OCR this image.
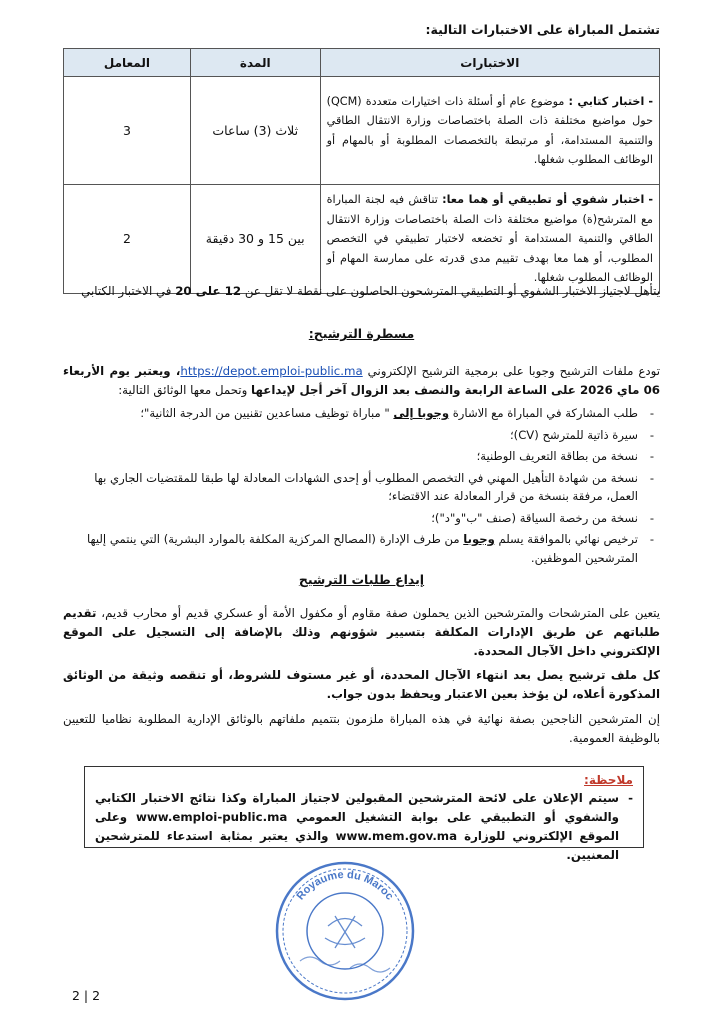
تشتمل المباراة على الاختبارات التالية:
الاختبارات	المدة	المعامل
-اختبار كتابي : موضوع عام أو أسئلة ذات اختيارات متعددة (QCM) حول مواضيع مختلفة ذات الصلة باختصاصات وزارة الانتقال الطاقي والتنمية المستدامة، أو مرتبطة بالتخصصات المطلوبة أو بالمهام أو الوظائف المطلوب شغلها.	ثلاث (3) ساعات	3
-اختبار شفوي أو تطبيقي أو هما معا: تناقش فيه لجنة المباراة مع المترشح(ة) مواضيع مختلفة ذات الصلة باختصاصات وزارة الانتقال الطاقي والتنمية المستدامة أو تخضعه لاختبار تطبيقي في التخصص المطلوب، أو هما معا بهدف تقييم مدى قدرته على ممارسة المهام أو الوظائف المطلوب شغلها.	بين 15 و 30 دقيقة	2
يتأهل لاجتياز الاختبار الشفوي أو التطبيقي المترشحون الحاصلون على نقطة لا تقل عن 12 على 20 في الاختبار الكتابي
مسطرة الترشيح:
تودع ملفات الترشيح وجوبا على برمجية الترشيح الإلكتروني https://depot.emploi-public.ma، ويعتبر يوم الأربعاء 06 ماي 2026 على الساعة الرابعة والنصف بعد الزوال آخر أجل لإيداعها وتحمل معها الوثائق التالية:
- طلب المشاركة في المباراة مع الاشارة وجوبا إلى " مباراة توظيف مساعدين تقنيين من الدرجة الثانية"؛
- سيرة ذاتية للمترشح (CV)؛
- نسخة من بطاقة التعريف الوطنية؛
- نسخة من شهادة التأهيل المهني في التخصص المطلوب أو إحدى الشهادات المعادلة لها طبقا للمقتضيات الجاري بها العمل، مرفقة بنسخة من قرار المعادلة عند الاقتضاء؛
- نسخة من رخصة السياقة (صنف "ب"و"د")؛
- ترخيص نهائي بالموافقة يسلم وجوبا من طرف الإدارة (المصالح المركزية المكلفة بالموارد البشرية) التي ينتمي إليها المترشحين الموظفين.
إيداع طلبات الترشيح
يتعين على المترشحات والمترشحين الذين يحملون صفة مقاوم أو مكفول الأمة أو عسكري قديم أو محارب قديم، تقديم طلباتهم عن طريق الإدارات المكلفة بتسيير شؤونهم وذلك بالإضافة إلى التسجيل على الموقع الإلكتروني داخل الآجال المحددة.
كل ملف ترشيح يصل بعد انتهاء الآجال المحددة، أو غير مستوف للشروط، أو تنقصه وثيقة من الوثائق المذكورة أعلاه، لن يؤخذ بعين الاعتبار ويحفظ بدون جواب.
إن المترشحين الناجحين بصفة نهائية في هذه المباراة ملزمون بتتميم ملفاتهم بالوثائق الإدارية المطلوبة نظاميا للتعيين بالوظيفة العمومية.
ملاحظة:
- سيتم الإعلان على لائحة المترشحين المقبولين لاجتياز المباراة وكذا نتائج الاختبار الكتابي والشفوي أو التطبيقي على بوابة التشغيل العمومي www.emploi-public.ma وعلى الموقع الإلكتروني للوزارة www.mem.gov.ma والذي يعتبر بمثابة استدعاء للمترشحين المعنيين.
Royaume du Maroc
2 | 2
